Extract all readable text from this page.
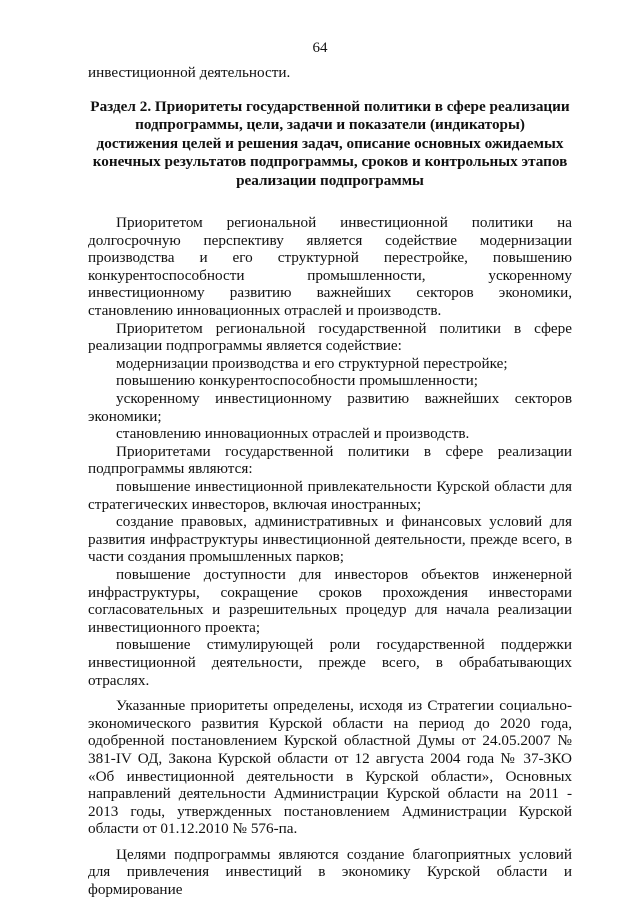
64

инвестиционной деятельности.

Раздел 2. Приоритеты государственной политики в сфере реализации
подпрограммы, цели, задачи и показатели (индикаторы)
достижения целей и решения задач, описание основных ожидаемых
конечных результатов подпрограммы, сроков и контрольных этапов
реализации подпрограммы

Приоритетом региональной инвестиционной политики на долгосрочную перспективу является содействие модернизации производства и его структурной перестройке, повышению конкурентоспособности промышленности, ускоренному инвестиционному развитию важнейших секторов экономики, становлению инновационных отраслей и производств.

Приоритетом региональной государственной политики в сфере реализации подпрограммы является содействие:

модернизации производства и его структурной перестройке;

повышению конкурентоспособности промышленности;

ускоренному инвестиционному развитию важнейших секторов экономики;

становлению инновационных отраслей и производств.

Приоритетами государственной политики в сфере реализации подпрограммы являются:

повышение инвестиционной привлекательности Курской области для стратегических инвесторов, включая иностранных;

создание правовых, административных и финансовых условий для развития инфраструктуры инвестиционной деятельности, прежде всего, в части создания промышленных парков;

повышение доступности для инвесторов объектов инженерной инфраструктуры, сокращение сроков прохождения инвесторами согласовательных и разрешительных процедур для начала реализации инвестиционного проекта;

повышение стимулирующей роли государственной поддержки инвестиционной деятельности, прежде всего, в обрабатывающих отраслях.

Указанные приоритеты определены, исходя из Стратегии социально-экономического развития Курской области на период до 2020 года, одобренной постановлением Курской областной Думы от 24.05.2007 № 381-IV ОД, Закона Курской области от 12 августа 2004 года № 37-ЗКО «Об инвестиционной деятельности в Курской области», Основных направлений деятельности Администрации Курской области на 2011 - 2013 годы, утвержденных постановлением Администрации Курской области от 01.12.2010 № 576-па.

Целями подпрограммы являются создание благоприятных условий для привлечения инвестиций в экономику Курской области и формирование
